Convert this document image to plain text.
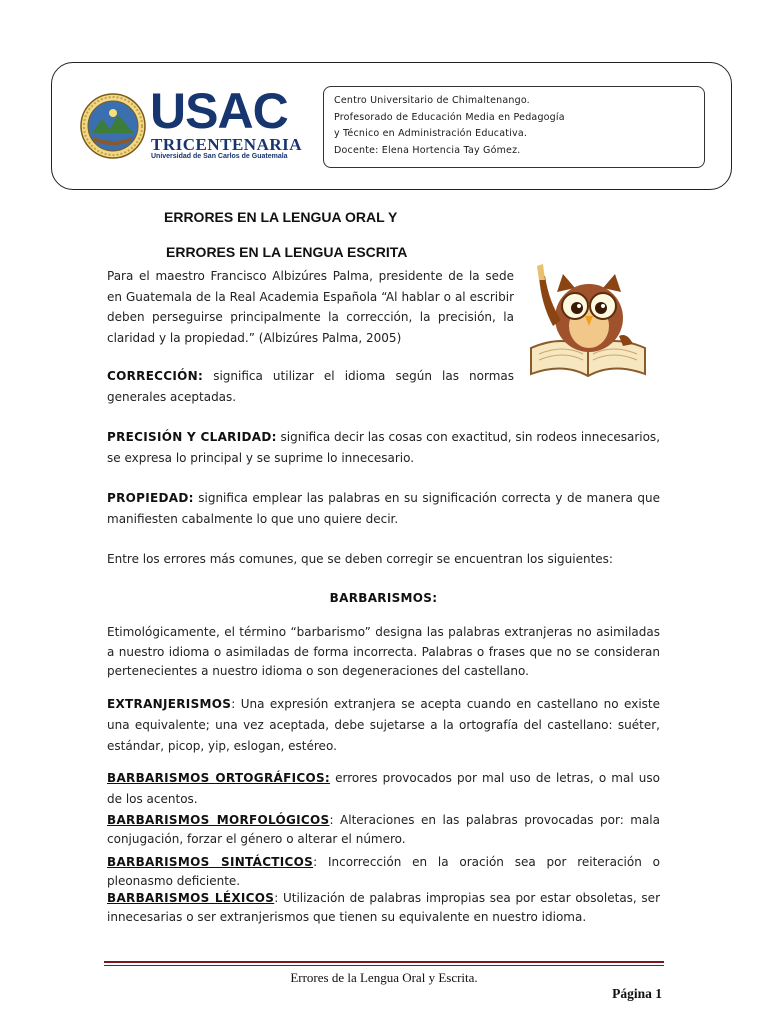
USAC
TRICENTENARIA
Universidad de San Carlos de Guatemala
Centro Universitario de Chimaltenango.
Profesorado de Educación Media en Pedagogía
y Técnico en Administración Educativa.
Docente: Elena Hortencia Tay Gómez.
ERRORES EN LA LENGUA ORAL Y
ERRORES EN LA LENGUA ESCRITA
Para el maestro Francisco Albizúres Palma, presidente de la sede en Guatemala de la Real Academia Española “Al hablar o al escribir deben perseguirse principalmente la corrección, la precisión, la claridad y la propiedad.” (Albizúres Palma, 2005)
CORRECCIÓN: significa utilizar el idioma según las normas generales aceptadas.
PRECISIÓN Y CLARIDAD: significa decir las cosas con exactitud, sin rodeos innecesarios, se expresa lo principal y se suprime lo innecesario.
PROPIEDAD: significa emplear las palabras en su significación correcta y de manera que manifiesten cabalmente lo que uno quiere decir.
Entre los errores más comunes, que se deben corregir se encuentran los siguientes:
BARBARISMOS:
Etimológicamente, el término “barbarismo” designa las palabras extranjeras no asimiladas a nuestro idioma o asimiladas de forma incorrecta. Palabras o frases que no se consideran pertenecientes a nuestro idioma o son degeneraciones del castellano.
EXTRANJERISMOS: Una expresión extranjera se acepta cuando en castellano no existe una equivalente; una vez aceptada, debe sujetarse a la ortografía del castellano: suéter, estándar, picop, yip, eslogan, estéreo.
BARBARISMOS ORTOGRÁFICOS: errores provocados por mal uso de letras, o mal uso de los acentos.
BARBARISMOS MORFOLÓGICOS: Alteraciones en las palabras provocadas por: mala conjugación, forzar el género o alterar el número.
BARBARISMOS SINTÁCTICOS: Incorrección en la oración sea por reiteración o pleonasmo deficiente.
BARBARISMOS LÉXICOS: Utilización de palabras impropias sea por estar obsoletas, ser innecesarias o ser extranjerismos que tienen su equivalente en nuestro idioma.
Errores de la Lengua Oral y Escrita.
Página 1
